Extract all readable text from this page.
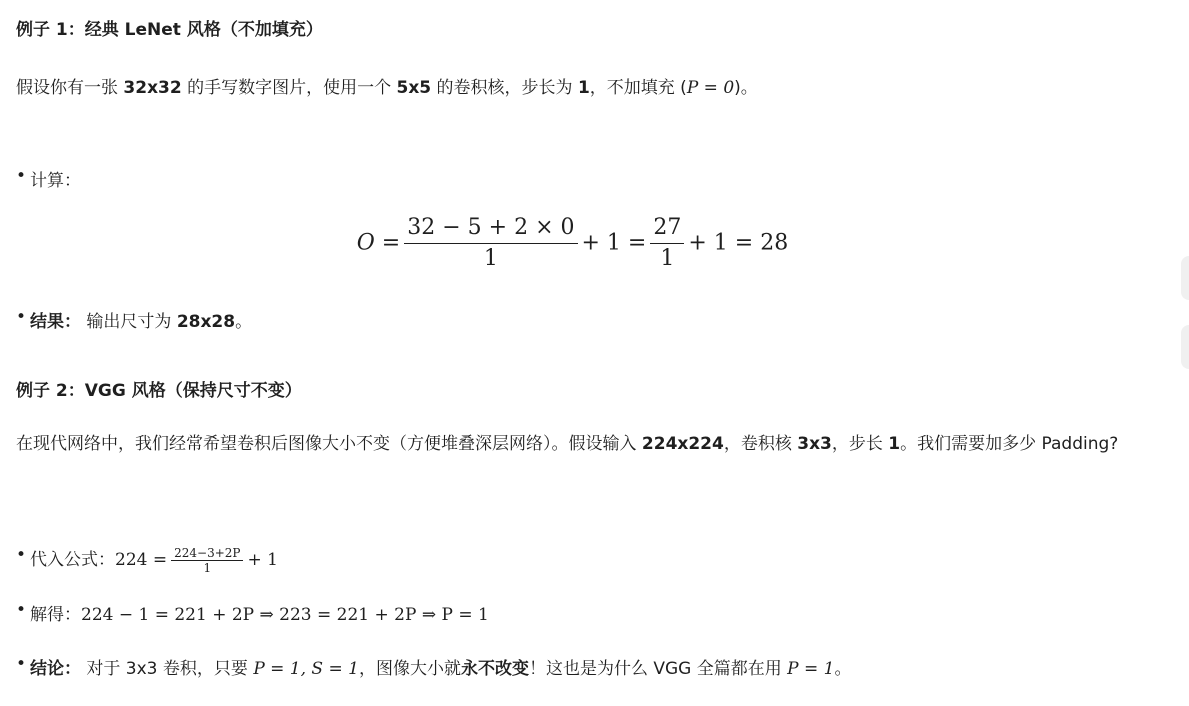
例子 1：经典 LeNet 风格（不加填充）
假设你有一张 32x32 的手写数字图片，使用一个 5x5 的卷积核，步长为 1，不加填充 (P = 0)。
• 计算：
$O = \frac{32 - 5 + 2 \times 0}{1} + 1 = \frac{27}{1} + 1 = 28$
• 结果： 输出尺寸为 28x28。
例子 2：VGG 风格（保持尺寸不变）
在现代网络中，我们经常希望卷积后图像大小不变（方便堆叠深层网络）。假设输入 224x224，卷积核 3x3，步长 1。我们需要加多少 Padding?
• 代入公式：$224 = \frac{224-3+2P}{1} + 1$
• 解得：224 − 1 = 221 + 2P ⇒ 223 = 221 + 2P ⇒ P = 1
• 结论： 对于 3x3 卷积，只要 P = 1, S = 1，图像大小就永不改变！这也是为什么 VGG 全篇都在用 P = 1。
